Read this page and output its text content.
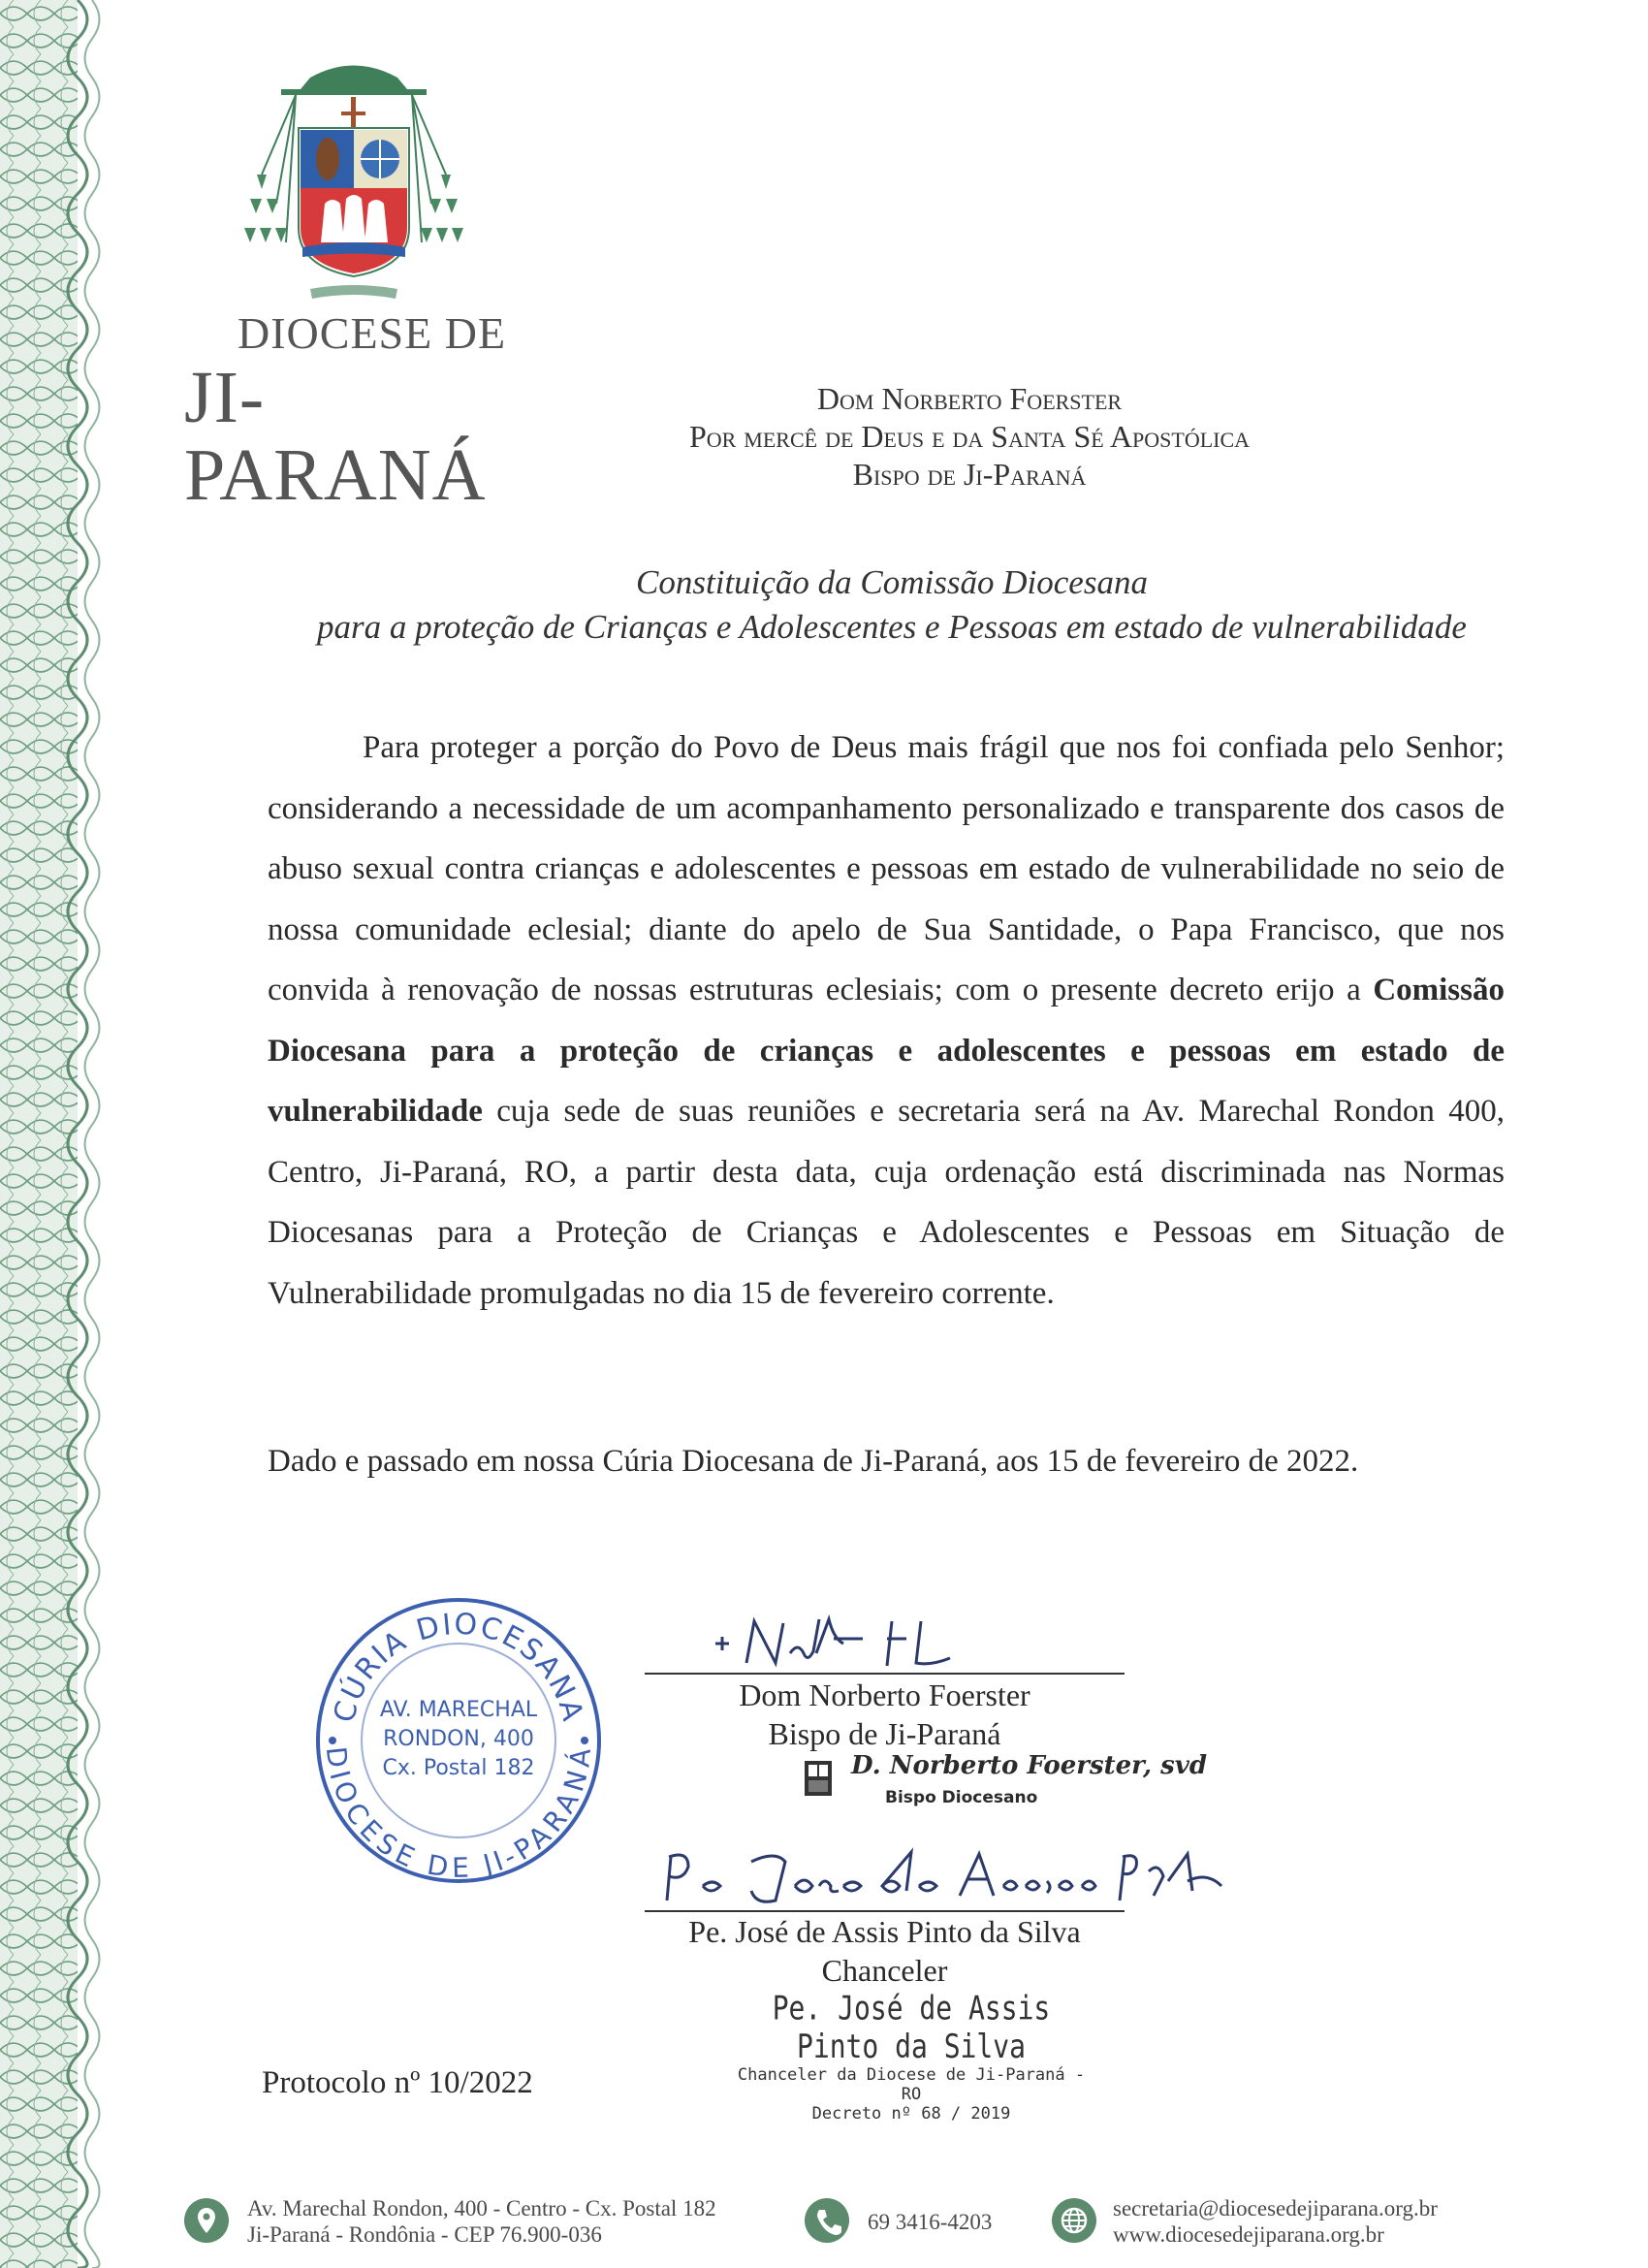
DIOCESE DE
JI-PARANÁ
Dom Norberto Foerster
Por mercê de Deus e da Santa Sé Apostólica
Bispo de Ji-Paraná
Constituição da Comissão Diocesana
para a proteção de Crianças e Adolescentes e Pessoas em estado de vulnerabilidade

Para proteger a porção do Povo de Deus mais frágil que nos foi confiada pelo Senhor; considerando a necessidade de um acompanhamento personalizado e transparente dos casos de abuso sexual contra crianças e adolescentes e pessoas em estado de vulnerabilidade no seio de nossa comunidade eclesial; diante do apelo de Sua Santidade, o Papa Francisco, que nos convida à renovação de nossas estruturas eclesiais; com o presente decreto erijo a Comissão Diocesana para a proteção de crianças e adolescentes e pessoas em estado de vulnerabilidade cuja sede de suas reuniões e secretaria será na Av. Marechal Rondon 400, Centro, Ji-Paraná, RO, a partir desta data, cuja ordenação está discriminada nas Normas Diocesanas para a Proteção de Crianças e Adolescentes e Pessoas em Situação de Vulnerabilidade promulgadas no dia 15 de fevereiro corrente.

Dado e passado em nossa Cúria Diocesana de Ji-Paraná, aos 15 de fevereiro de 2022.
CÚRIA DIOCESANA
DIOCESE DE JI-PARANÁ
AV. MARECHAL
RONDON, 400
Cx. Postal 182
Dom Norberto Foerster
Bispo de Ji-Paraná
D. Norberto Foerster, svd
Bispo Diocesano
Pe. José de Assis Pinto da Silva
Chanceler
Pe. José de Assis Pinto da Silva
Chanceler da Diocese de Ji-Paraná - RO
Decreto nº 68 / 2019
Protocolo nº 10/2022
Av. Marechal Rondon, 400 - Centro - Cx. Postal 182
Ji-Paraná - Rondônia - CEP 76.900-036
69 3416-4203
secretaria@diocesedejiparana.org.br
www.diocesedejiparana.org.br
